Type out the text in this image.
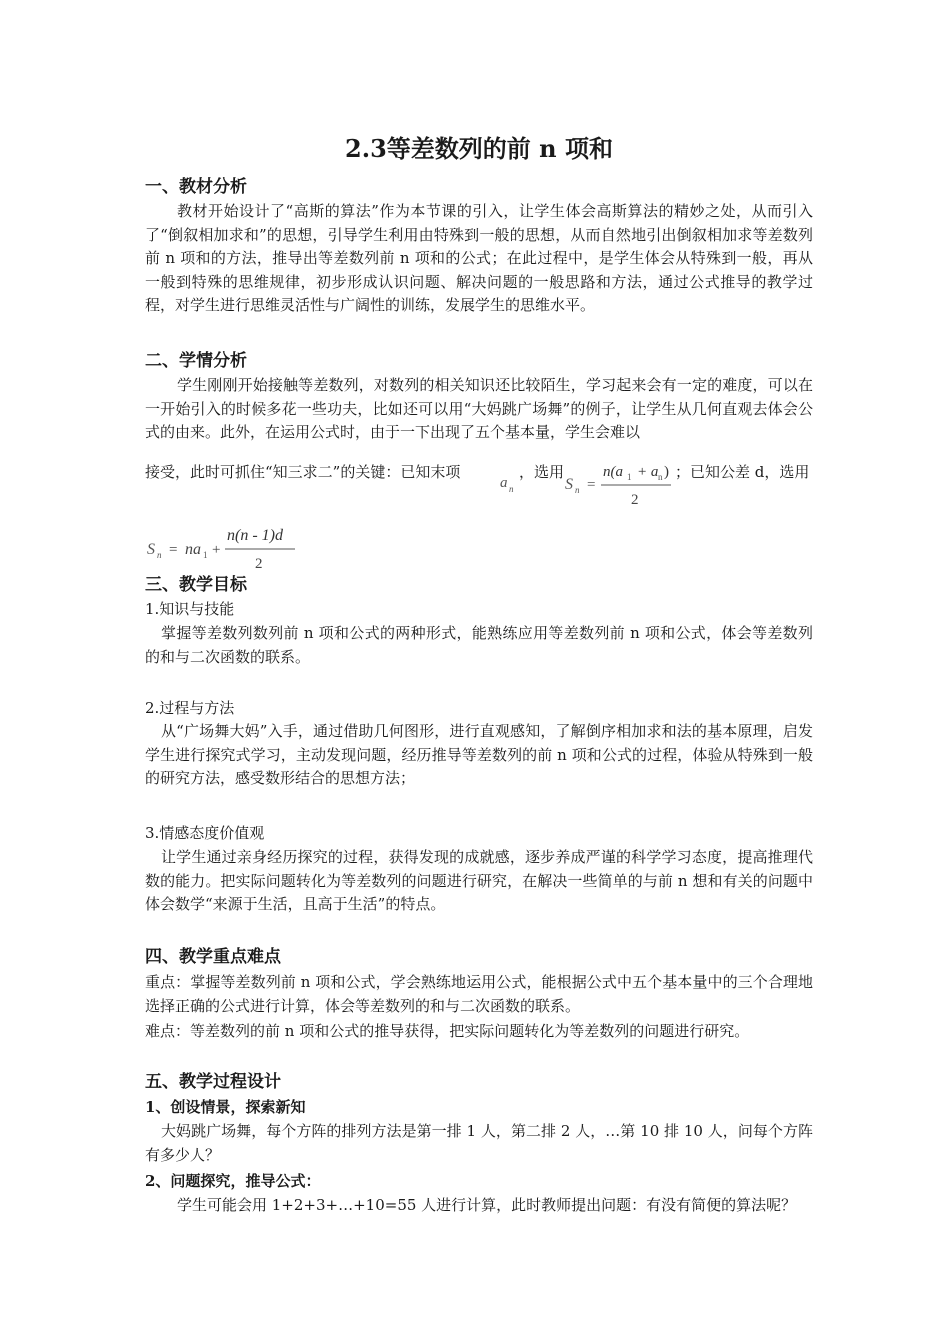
2.3等差数列的前 n 项和
一、教材分析

教材开始设计了“高斯的算法”作为本节课的引入，让学生体会高斯算法的精妙之处，从而引入了“倒叙相加求和”的思想，引导学生利用由特殊到一般的思想，从而自然地引出倒叙相加求等差数列前 n 项和的方法，推导出等差数列前 n 项和的公式；在此过程中，是学生体会从特殊到一般，再从一般到特殊的思维规律，初步形成认识问题、解决问题的一般思路和方法，通过公式推导的教学过程，对学生进行思维灵活性与广阔性的训练，发展学生的思维水平。

二、学情分析

学生刚刚开始接触等差数列，对数列的相关知识还比较陌生，学习起来会有一定的难度，可以在一开始引入的时候多花一些功夫，比如还可以用“大妈跳广场舞”的例子，让学生从几何直观去体会公式的由来。此外，在运用公式时，由于一下出现了五个基本量，学生会难以

接受，此时可抓住“知三求二”的关键：已知末项
a n
，选用
S n =
n(a 1 + a n )
2
；已知公差 d，选用
S n = na 1 +
n(n - 1)d
2
三、教学目标
1.知识与技能

掌握等差数列数列前 n 项和公式的两种形式，能熟练应用等差数列前 n 项和公式，体会等差数列的和与二次函数的联系。

2.过程与方法

从“广场舞大妈”入手，通过借助几何图形，进行直观感知，了解倒序相加求和法的基本原理，启发学生进行探究式学习，主动发现问题，经历推导等差数列的前 n 项和公式的过程，体验从特殊到一般的研究方法，感受数形结合的思想方法；

3.情感态度价值观

让学生通过亲身经历探究的过程，获得发现的成就感，逐步养成严谨的科学学习态度，提高推理代数的能力。把实际问题转化为等差数列的问题进行研究，在解决一些简单的与前 n 想和有关的问题中体会数学“来源于生活，且高于生活”的特点。

四、教学重点难点

重点：掌握等差数列前 n 项和公式，学会熟练地运用公式，能根据公式中五个基本量中的三个合理地选择正确的公式进行计算，体会等差数列的和与二次函数的联系。

难点：等差数列的前 n 项和公式的推导获得，把实际问题转化为等差数列的问题进行研究。

五、教学过程设计
1、创设情景，探索新知

大妈跳广场舞，每个方阵的排列方法是第一排 1 人，第二排 2 人，…第 10 排 10 人，问每个方阵有多少人？

2、问题探究，推导公式：

学生可能会用 1+2+3+…+10=55 人进行计算，此时教师提出问题：有没有简便的算法呢？
